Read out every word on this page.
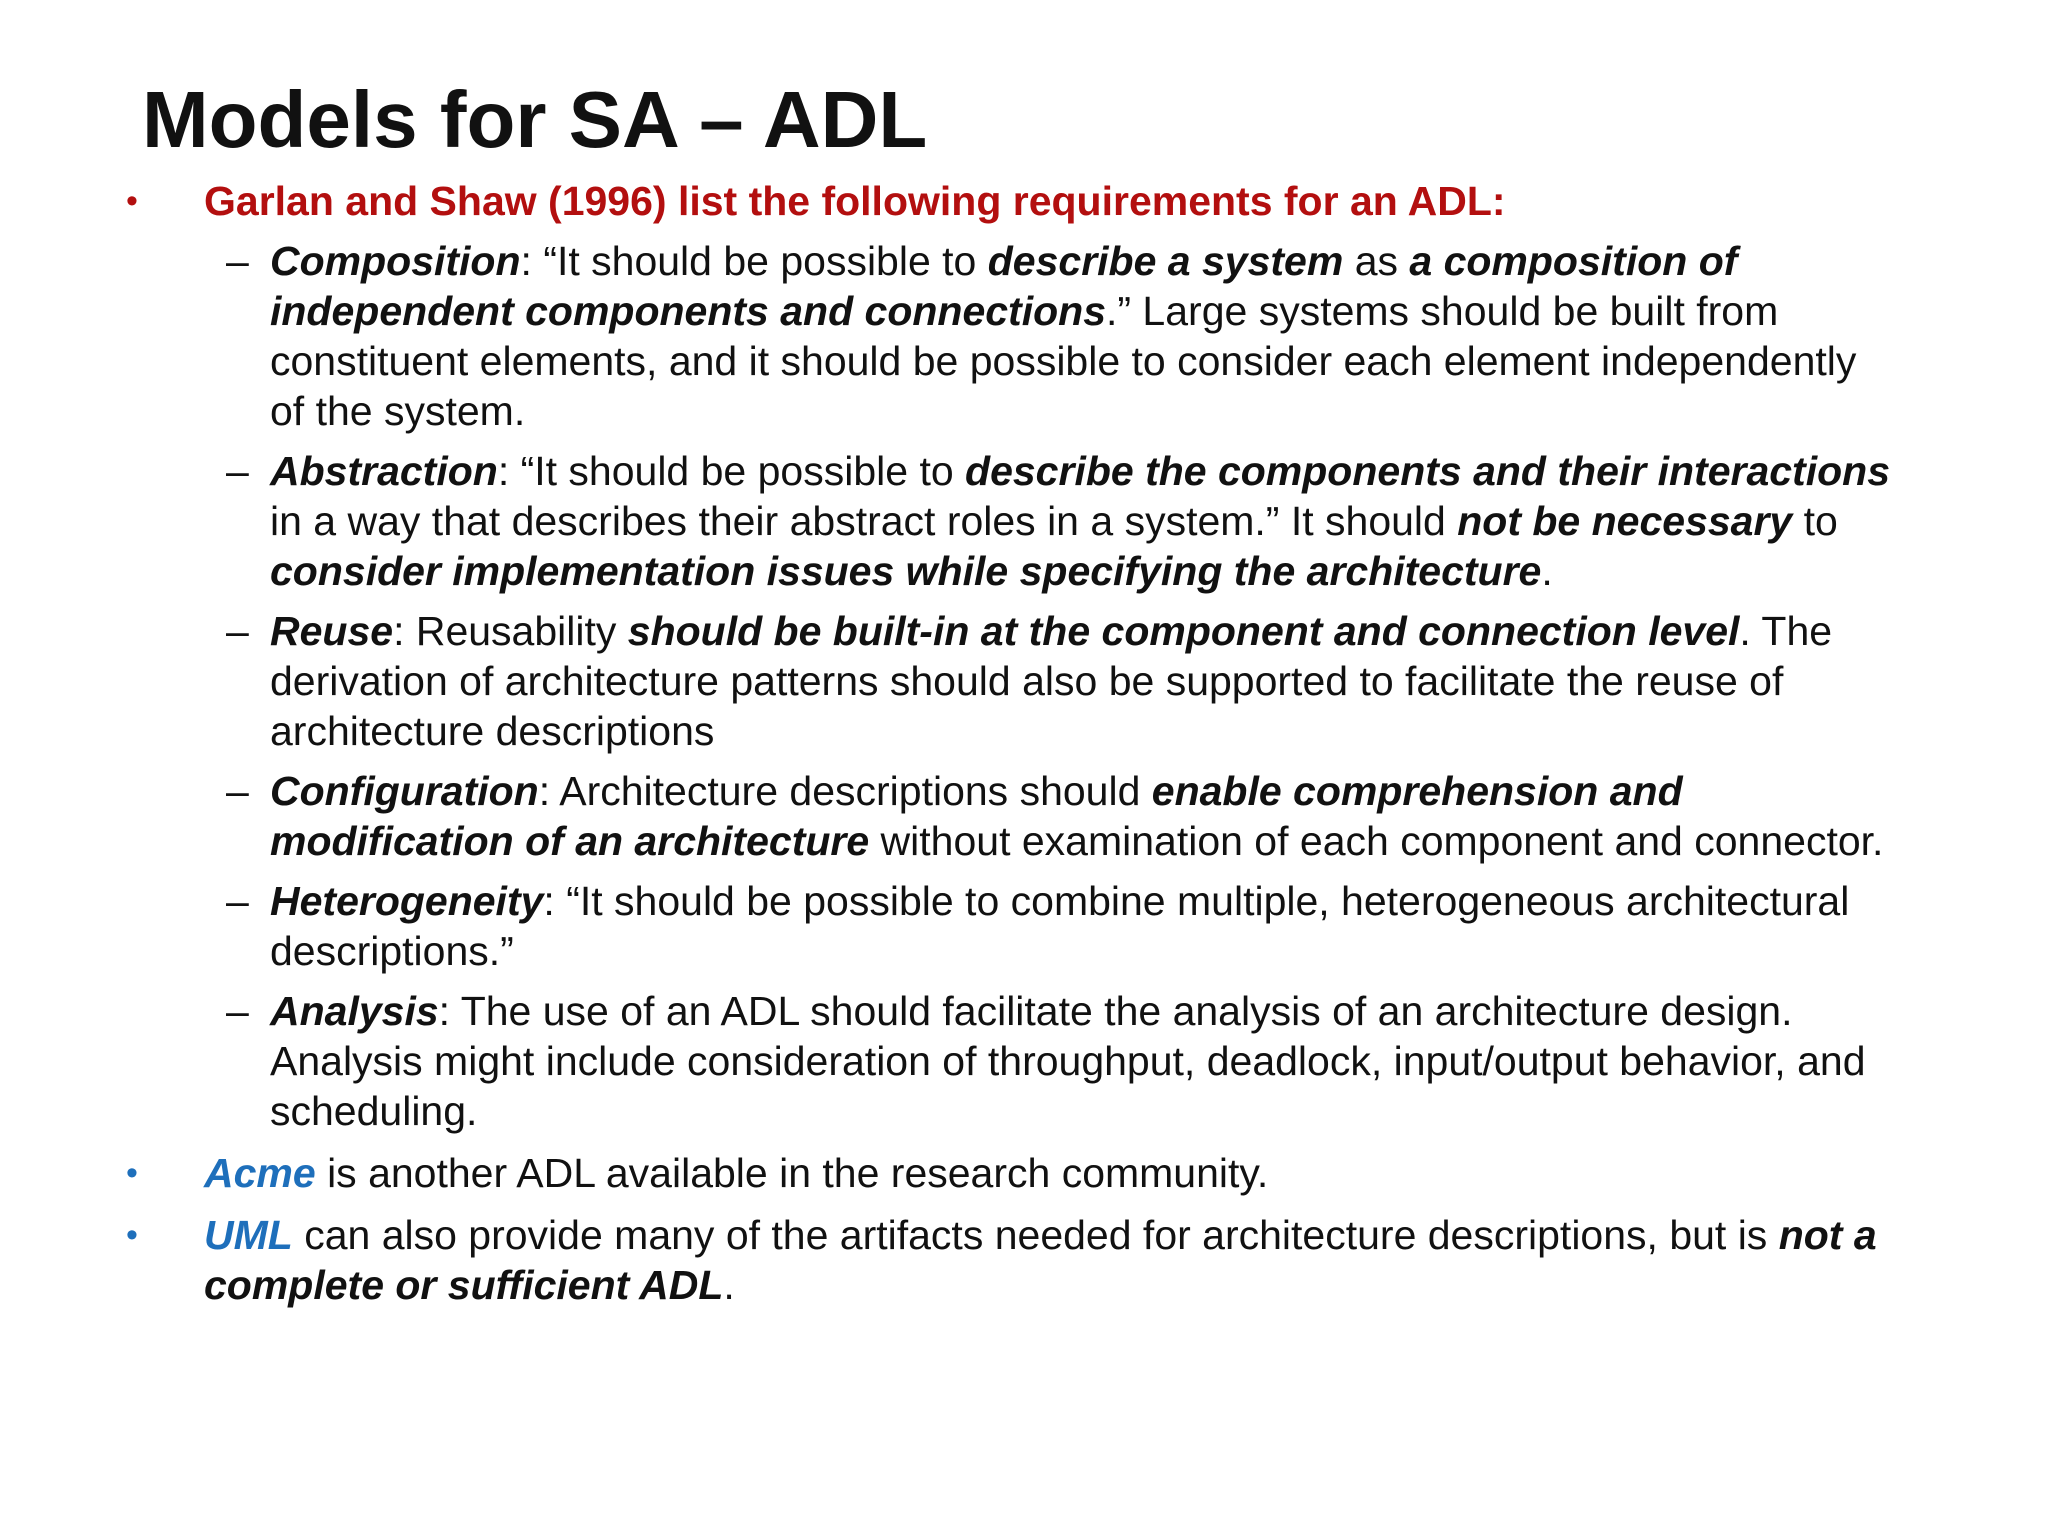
Models for SA – ADL
• Garlan and Shaw (1996) list the following requirements for an ADL:
– Composition: “It should be possible to describe a system as a composition of independent components and connections.” Large systems should be built from constituent elements, and it should be possible to consider each element independently of the system.
– Abstraction: “It should be possible to describe the components and their interactions in a way that describes their abstract roles in a system.” It should not be necessary to consider implementation issues while specifying the architecture.
– Reuse: Reusability should be built-in at the component and connection level. The derivation of architecture patterns should also be supported to facilitate the reuse of architecture descriptions
– Configuration: Architecture descriptions should enable comprehension and modification of an architecture without examination of each component and connector.
– Heterogeneity: “It should be possible to combine multiple, heterogeneous architectural descriptions.”
– Analysis: The use of an ADL should facilitate the analysis of an architecture design. Analysis might include consideration of throughput, deadlock, input/output behavior, and scheduling.
• Acme is another ADL available in the research community.
• UML can also provide many of the artifacts needed for architecture descriptions, but is not a complete or sufficient ADL.
